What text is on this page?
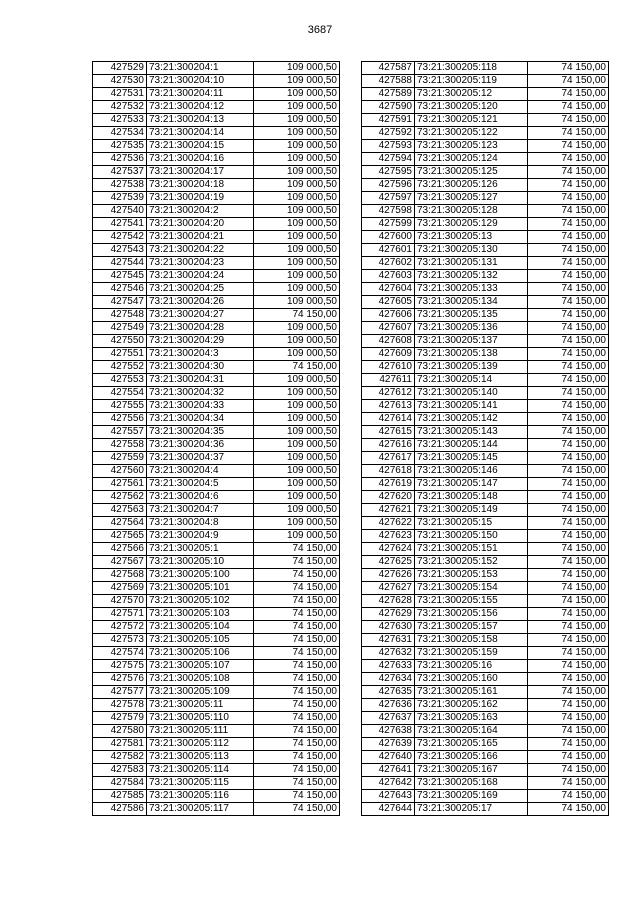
3687
427529	73:21:300204:1	109 000,50
427530	73:21:300204:10	109 000,50
427531	73:21:300204:11	109 000,50
427532	73:21:300204:12	109 000,50
427533	73:21:300204:13	109 000,50
427534	73:21:300204:14	109 000,50
427535	73:21:300204:15	109 000,50
427536	73:21:300204:16	109 000,50
427537	73:21:300204:17	109 000,50
427538	73:21:300204:18	109 000,50
427539	73:21:300204:19	109 000,50
427540	73:21:300204:2	109 000,50
427541	73:21:300204:20	109 000,50
427542	73:21:300204:21	109 000,50
427543	73:21:300204:22	109 000,50
427544	73:21:300204:23	109 000,50
427545	73:21:300204:24	109 000,50
427546	73:21:300204:25	109 000,50
427547	73:21:300204:26	109 000,50
427548	73:21:300204:27	74 150,00
427549	73:21:300204:28	109 000,50
427550	73:21:300204:29	109 000,50
427551	73:21:300204:3	109 000,50
427552	73:21:300204:30	74 150,00
427553	73:21:300204:31	109 000,50
427554	73:21:300204:32	109 000,50
427555	73:21:300204:33	109 000,50
427556	73:21:300204:34	109 000,50
427557	73:21:300204:35	109 000,50
427558	73:21:300204:36	109 000,50
427559	73:21:300204:37	109 000,50
427560	73:21:300204:4	109 000,50
427561	73:21:300204:5	109 000,50
427562	73:21:300204:6	109 000,50
427563	73:21:300204:7	109 000,50
427564	73:21:300204:8	109 000,50
427565	73:21:300204:9	109 000,50
427566	73:21:300205:1	74 150,00
427567	73:21:300205:10	74 150,00
427568	73:21:300205:100	74 150,00
427569	73:21:300205:101	74 150,00
427570	73:21:300205:102	74 150,00
427571	73:21:300205:103	74 150,00
427572	73:21:300205:104	74 150,00
427573	73:21:300205:105	74 150,00
427574	73:21:300205:106	74 150,00
427575	73:21:300205:107	74 150,00
427576	73:21:300205:108	74 150,00
427577	73:21:300205:109	74 150,00
427578	73:21:300205:11	74 150,00
427579	73:21:300205:110	74 150,00
427580	73:21:300205:111	74 150,00
427581	73:21:300205:112	74 150,00
427582	73:21:300205:113	74 150,00
427583	73:21:300205:114	74 150,00
427584	73:21:300205:115	74 150,00
427585	73:21:300205:116	74 150,00
427586	73:21:300205:117	74 150,00
427587	73:21:300205:118	74 150,00
427588	73:21:300205:119	74 150,00
427589	73:21:300205:12	74 150,00
427590	73:21:300205:120	74 150,00
427591	73:21:300205:121	74 150,00
427592	73:21:300205:122	74 150,00
427593	73:21:300205:123	74 150,00
427594	73:21:300205:124	74 150,00
427595	73:21:300205:125	74 150,00
427596	73:21:300205:126	74 150,00
427597	73:21:300205:127	74 150,00
427598	73:21:300205:128	74 150,00
427599	73:21:300205:129	74 150,00
427600	73:21:300205:13	74 150,00
427601	73:21:300205:130	74 150,00
427602	73:21:300205:131	74 150,00
427603	73:21:300205:132	74 150,00
427604	73:21:300205:133	74 150,00
427605	73:21:300205:134	74 150,00
427606	73:21:300205:135	74 150,00
427607	73:21:300205:136	74 150,00
427608	73:21:300205:137	74 150,00
427609	73:21:300205:138	74 150,00
427610	73:21:300205:139	74 150,00
427611	73:21:300205:14	74 150,00
427612	73:21:300205:140	74 150,00
427613	73:21:300205:141	74 150,00
427614	73:21:300205:142	74 150,00
427615	73:21:300205:143	74 150,00
427616	73:21:300205:144	74 150,00
427617	73:21:300205:145	74 150,00
427618	73:21:300205:146	74 150,00
427619	73:21:300205:147	74 150,00
427620	73:21:300205:148	74 150,00
427621	73:21:300205:149	74 150,00
427622	73:21:300205:15	74 150,00
427623	73:21:300205:150	74 150,00
427624	73:21:300205:151	74 150,00
427625	73:21:300205:152	74 150,00
427626	73:21:300205:153	74 150,00
427627	73:21:300205:154	74 150,00
427628	73:21:300205:155	74 150,00
427629	73:21:300205:156	74 150,00
427630	73:21:300205:157	74 150,00
427631	73:21:300205:158	74 150,00
427632	73:21:300205:159	74 150,00
427633	73:21:300205:16	74 150,00
427634	73:21:300205:160	74 150,00
427635	73:21:300205:161	74 150,00
427636	73:21:300205:162	74 150,00
427637	73:21:300205:163	74 150,00
427638	73:21:300205:164	74 150,00
427639	73:21:300205:165	74 150,00
427640	73:21:300205:166	74 150,00
427641	73:21:300205:167	74 150,00
427642	73:21:300205:168	74 150,00
427643	73:21:300205:169	74 150,00
427644	73:21:300205:17	74 150,00
